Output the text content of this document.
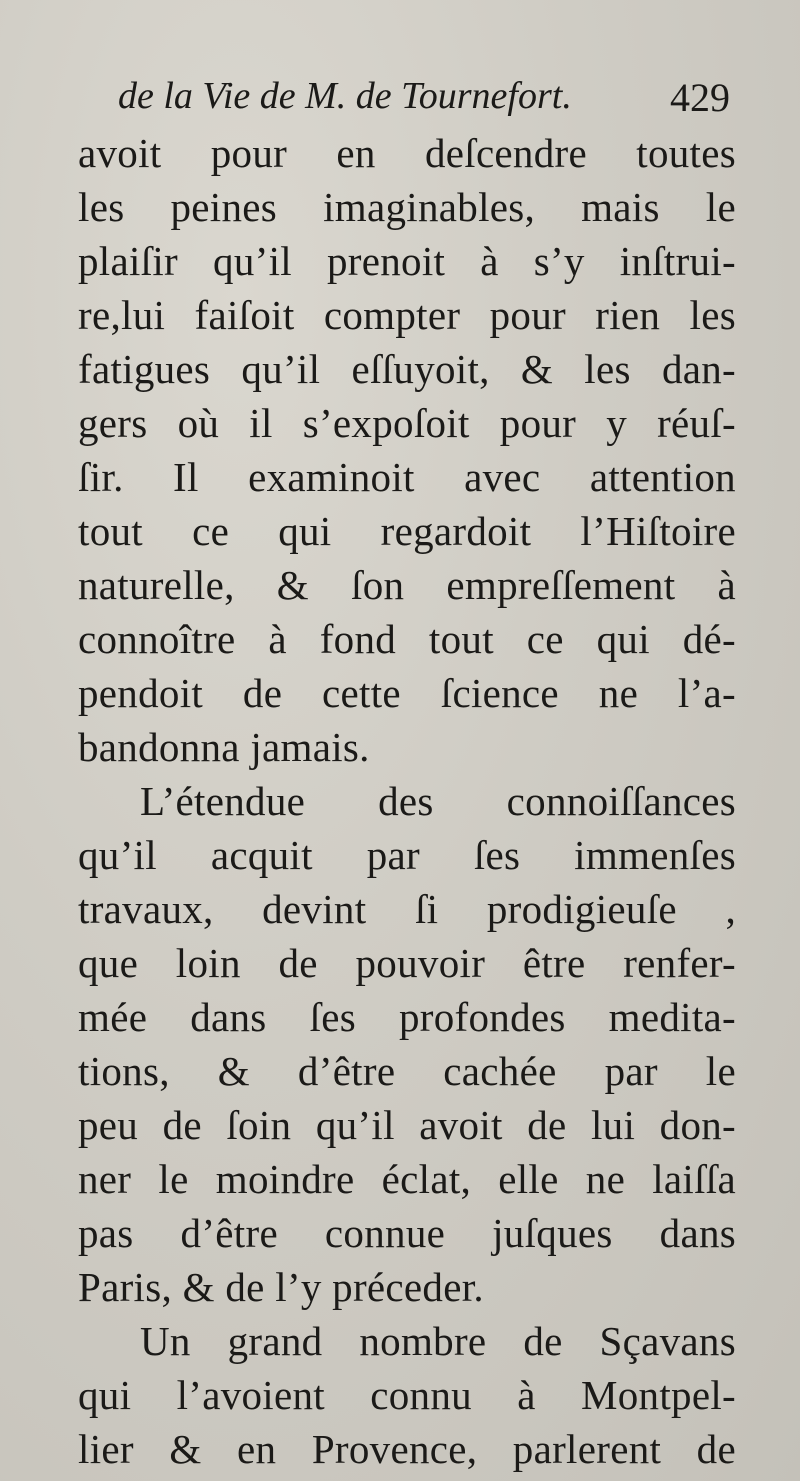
de la Vie de M. de Tournefort. 429
avoit pour en deſcendre toutes
les peines imaginables, mais le
plaiſir qu’il prenoit à s’y inſtrui-
re,lui faiſoit compter pour rien les
fatigues qu’il eſſuyoit, & les dan-
gers où il s’expoſoit pour y réuſ-
ſir. Il examinoit avec attention
tout ce qui regardoit l’Hiſtoire
naturelle, & ſon empreſſement à
connoître à fond tout ce qui dé-
pendoit de cette ſcience ne l’a-
bandonna jamais.
L’étendue des connoiſſances
qu’il acquit par ſes immenſes
travaux, devint ſi prodigieuſe ,
que loin de pouvoir être renfer-
mée dans ſes profondes medita-
tions, & d’être cachée par le
peu de ſoin qu’il avoit de lui don-
ner le moindre éclat, elle ne laiſſa
pas d’être connue juſques dans
Paris, & de l’y préceder.
Un grand nombre de Sçavans
qui l’avoient connu à Montpel-
lier & en Provence, parlerent de
